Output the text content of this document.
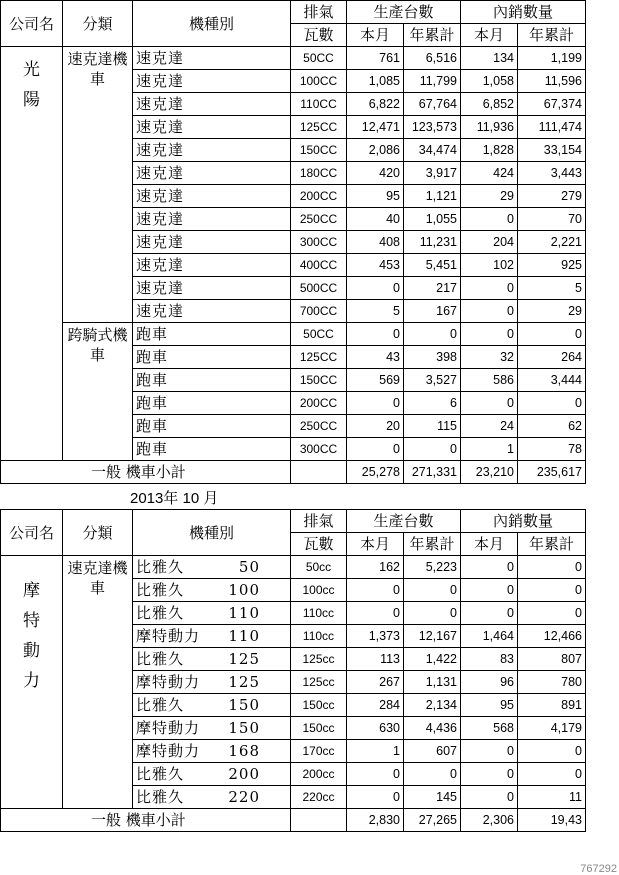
公司名	分類	機種別	排氣	生產台數		內銷數量	
			瓦數	本月	年累計	本月	年累計

光
陽	速克達機車	速克達	50CC	761	6,516	134	1,199
		速克達	100CC	1,085	11,799	1,058	11,596
		速克達	110CC	6,822	67,764	6,852	67,374
		速克達	125CC	12,471	123,573	11,936	111,474
		速克達	150CC	2,086	34,474	1,828	33,154
		速克達	180CC	420	3,917	424	3,443
		速克達	200CC	95	1,121	29	279
		速克達	250CC	40	1,055	0	70
		速克達	300CC	408	11,231	204	2,221
		速克達	400CC	453	5,451	102	925
		速克達	500CC	0	217	0	5
		速克達	700CC	5	167	0	29

	跨騎式機車	跑車	50CC	0	0	0	0
		跑車	125CC	43	398	32	264
		跑車	150CC	569	3,527	586	3,444
		跑車	200CC	0	6	0	0
		跑車	250CC	20	115	24	62
		跑車	300CC	0	0	1	78
一般 機車小計				25,278	271,331	23,210	235,617
2013年 10 月
公司名	分類	機種別	排氣	生產台數		內銷數量	
			瓦數	本月	年累計	本月	年累計

摩
特
動
力	速克達機車	比雅久 50	50cc	162	5,223	0	0
		比雅久 100	100cc	0	0	0	0
		比雅久 110	110cc	0	0	0	0
		摩特動力 110	110cc	1,373	12,167	1,464	12,466
		比雅久 125	125cc	113	1,422	83	807
		摩特動力 125	125cc	267	1,131	96	780
		比雅久 150	150cc	284	2,134	95	891
		摩特動力 150	150cc	630	4,436	568	4,179
		摩特動力 168	170cc	1	607	0	0
		比雅久 200	200cc	0	0	0	0
		比雅久 220	220cc	0	145	0	11
一般 機車小計				2,830	27,265	2,306	19,43
767292
